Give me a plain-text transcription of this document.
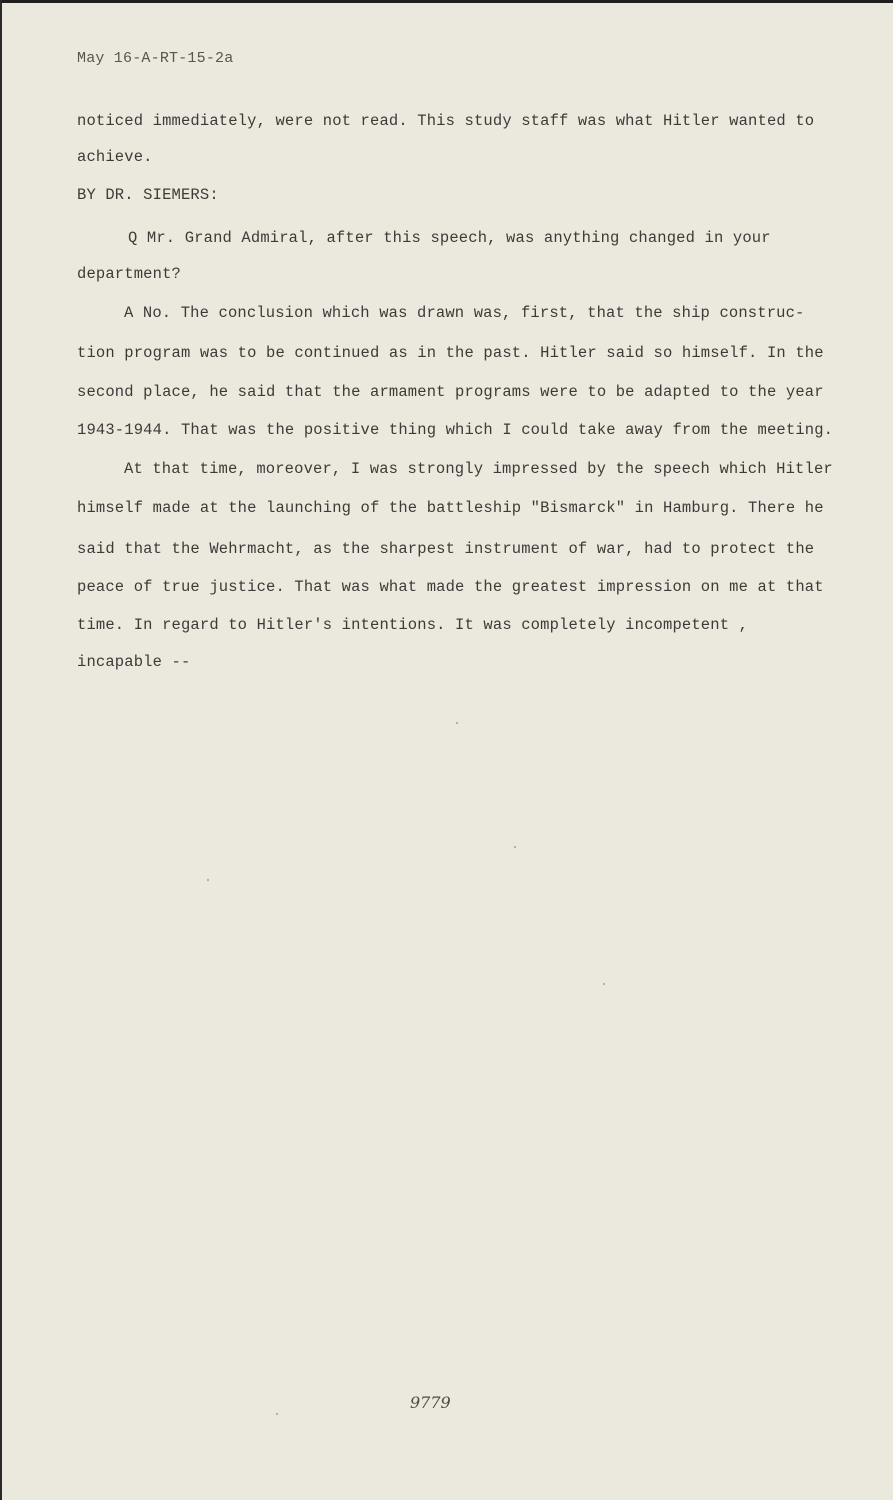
May 16-A-RT-15-2a
noticed immediately, were not read. This study staff was what Hitler wanted to
achieve.
BY DR. SIEMERS:
Q Mr. Grand Admiral, after this speech, was anything changed in your
department?
A No. The conclusion which was drawn was, first, that the ship construc-
tion program was to be continued as in the past. Hitler said so himself. In the
second place, he said that the armament programs were to be adapted to the year
1943-1944. That was the positive thing which I could take away from the meeting.
At that time, moreover, I was strongly impressed by the speech which Hitler
himself made at the launching of the battleship "Bismarck" in Hamburg. There he
said that the Wehrmacht, as the sharpest instrument of war, had to protect the
peace of true justice. That was what made the greatest impression on me at that
time. In regard to Hitler's intentions. It was completely incompetent ,
incapable --
9779
